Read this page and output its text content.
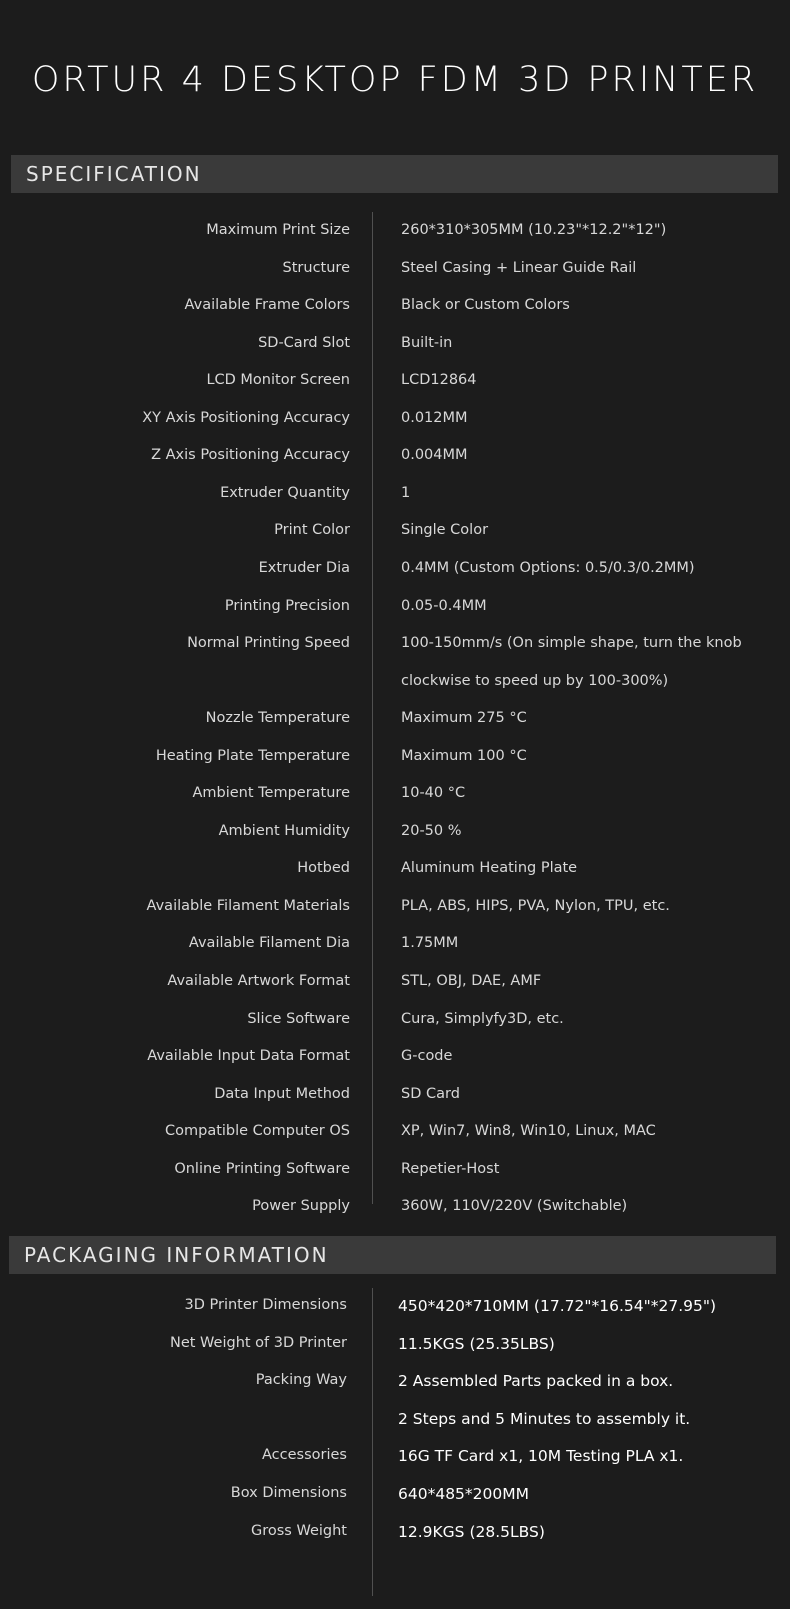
ORTUR 4 DESKTOP FDM 3D PRINTER
SPECIFICATION
Maximum Print Size	260*310*305MM (10.23"*12.2"*12")
Structure	Steel Casing + Linear Guide Rail
Available Frame Colors	Black or Custom Colors
SD-Card Slot	Built-in
LCD Monitor Screen	LCD12864
XY Axis Positioning Accuracy	0.012MM
Z Axis Positioning Accuracy	0.004MM
Extruder Quantity	1
Print Color	Single Color
Extruder Dia	0.4MM (Custom Options: 0.5/0.3/0.2MM)
Printing Precision	0.05-0.4MM
Normal Printing Speed	100-150mm/s (On simple shape, turn the knob
clockwise to speed up by 100-300%)
Nozzle Temperature	Maximum 275 °C
Heating Plate Temperature	Maximum 100 °C
Ambient Temperature	10-40 °C
Ambient Humidity	20-50 %
Hotbed	Aluminum Heating Plate
Available Filament Materials	PLA, ABS, HIPS, PVA, Nylon, TPU, etc.
Available Filament Dia	1.75MM
Available Artwork Format	STL, OBJ, DAE, AMF
Slice Software	Cura, Simplyfy3D, etc.
Available Input Data Format	G-code
Data Input Method	SD Card
Compatible Computer OS	XP, Win7, Win8, Win10, Linux, MAC
Online Printing Software	Repetier-Host
Power Supply	360W, 110V/220V (Switchable)
PACKAGING INFORMATION
3D Printer Dimensions	450*420*710MM (17.72"*16.54"*27.95")
Net Weight of 3D Printer	11.5KGS (25.35LBS)
Packing Way	2 Assembled Parts packed in a box.
2 Steps and 5 Minutes to assembly it.
Accessories	16G TF Card x1, 10M Testing PLA x1.
Box Dimensions	640*485*200MM
Gross Weight	12.9KGS (28.5LBS)
